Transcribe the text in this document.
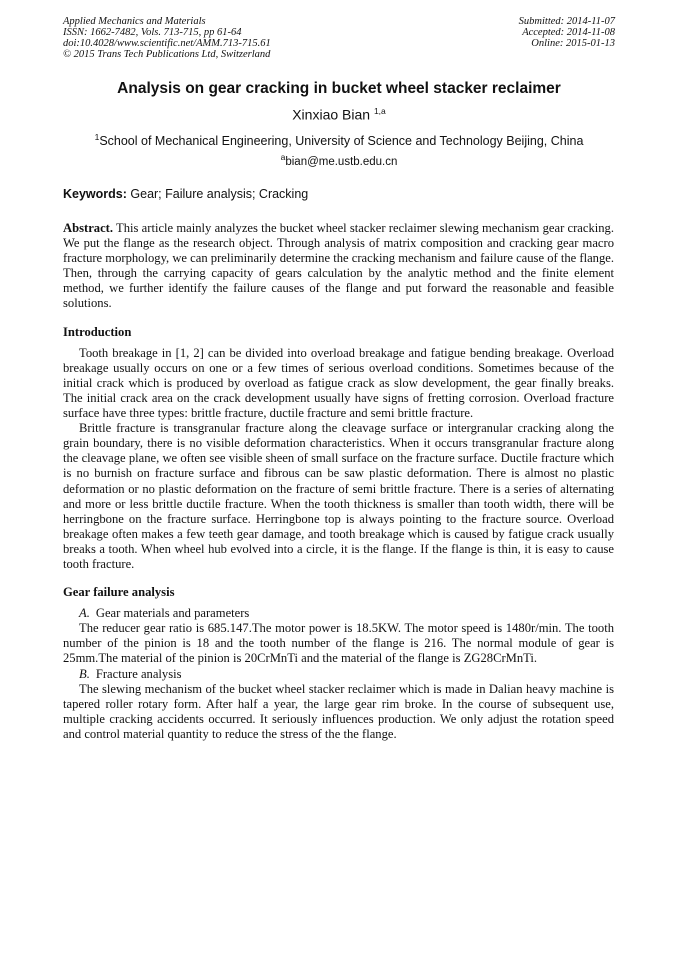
Applied Mechanics and Materials
ISSN: 1662-7482, Vols. 713-715, pp 61-64
doi:10.4028/www.scientific.net/AMM.713-715.61
© 2015 Trans Tech Publications Ltd, Switzerland
Submitted: 2014-11-07
Accepted: 2014-11-08
Online: 2015-01-13
Analysis on gear cracking in bucket wheel stacker reclaimer
Xinxiao Bian $^{1,a}$
$^1$School of Mechanical Engineering, University of Science and Technology Beijing, China
$^a$bian@me.ustb.edu.cn
Keywords: Gear; Failure analysis; Cracking

Abstract. This article mainly analyzes the bucket wheel stacker reclaimer slewing mechanism gear cracking. We put the flange as the research object. Through analysis of matrix composition and cracking gear macro fracture morphology, we can preliminarily determine the cracking mechanism and failure cause of the flange. Then, through the carrying capacity of gears calculation by the analytic method and the finite element method, we further identify the failure causes of the flange and put forward the reasonable and feasible solutions.

Introduction

Tooth breakage in [1, 2] can be divided into overload breakage and fatigue bending breakage. Overload breakage usually occurs on one or a few times of serious overload conditions. Sometimes because of the initial crack which is produced by overload as fatigue crack as slow development, the gear finally breaks. The initial crack area on the crack development usually have signs of fretting corrosion. Overload fracture surface have three types: brittle fracture, ductile fracture and semi brittle fracture.

Brittle fracture is transgranular fracture along the cleavage surface or intergranular cracking along the grain boundary, there is no visible deformation characteristics. When it occurs transgranular fracture along the cleavage plane, we often see visible sheen of small surface on the fracture surface. Ductile fracture which is no burnish on fracture surface and fibrous can be saw plastic deformation. There is almost no plastic deformation or no plastic deformation on the fracture of semi brittle fracture. There is a series of alternating and more or less brittle ductile fracture. When the tooth thickness is smaller than tooth width, there will be herringbone on the fracture surface. Herringbone top is always pointing to the fracture source. Overload breakage often makes a few teeth gear damage, and tooth breakage which is caused by fatigue crack usually breaks a tooth. When wheel hub evolved into a circle, it is the flange. If the flange is thin, it is easy to cause tooth fracture.

Gear failure analysis

A. Gear materials and parameters

The reducer gear ratio is 685.147.The motor power is 18.5KW. The motor speed is 1480r/min. The tooth number of the pinion is 18 and the tooth number of the flange is 216. The normal module of gear is 25mm.The material of the pinion is 20CrMnTi and the material of the flange is ZG28CrMnTi.

B. Fracture analysis

The slewing mechanism of the bucket wheel stacker reclaimer which is made in Dalian heavy machine is tapered roller rotary form. After half a year, the large gear rim broke. In the course of subsequent use, multiple cracking accidents occurred. It seriously influences production. We only adjust the rotation speed and control material quantity to reduce the stress of the the flange.
